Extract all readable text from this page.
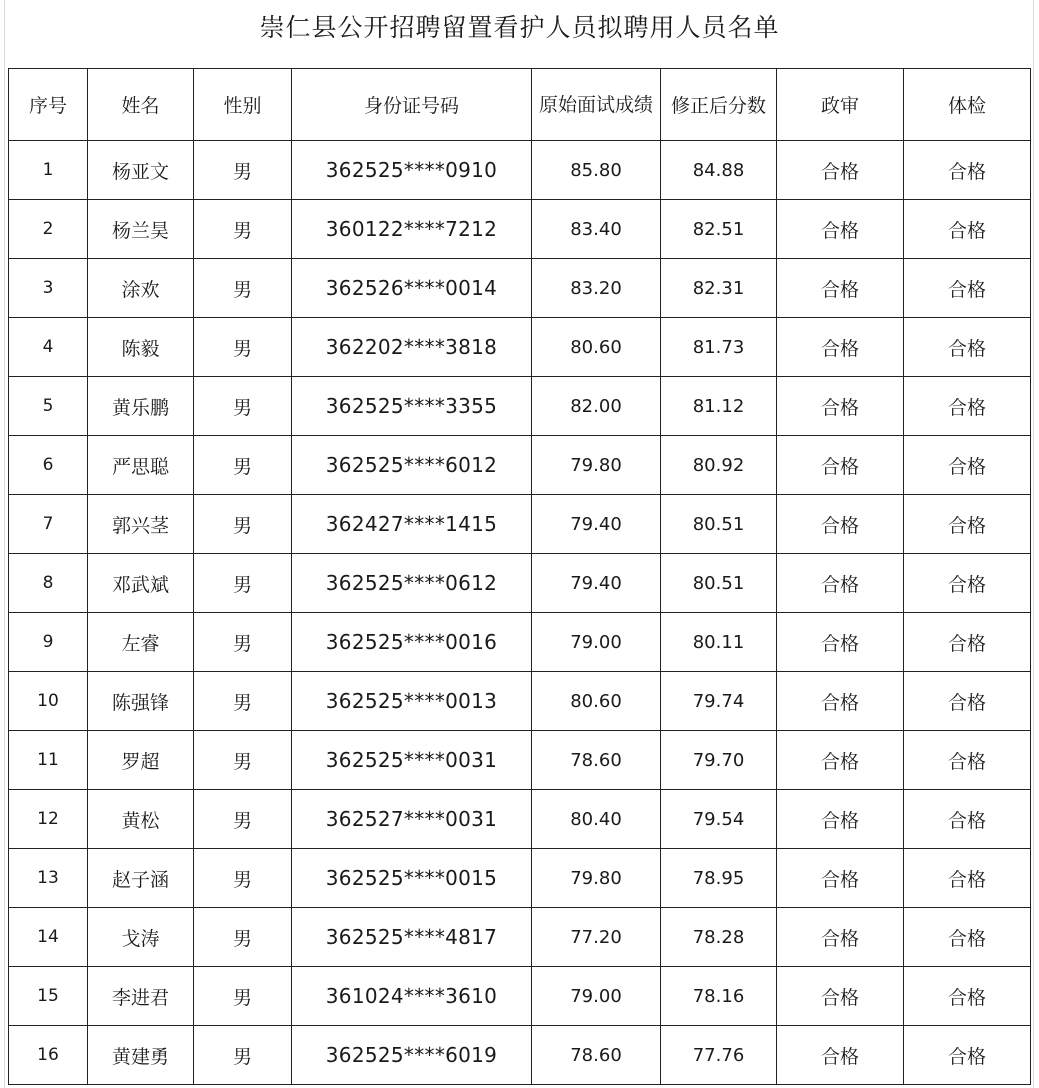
崇仁县公开招聘留置看护人员拟聘用人员名单
序号	姓名	性别	身份证号码	原始面试成绩	修正后分数	政审	体检
1	杨亚文	男	362525****0910	85.80	84.88	合格	合格
2	杨兰昊	男	360122****7212	83.40	82.51	合格	合格
3	涂欢	男	362526****0014	83.20	82.31	合格	合格
4	陈毅	男	362202****3818	80.60	81.73	合格	合格
5	黄乐鹏	男	362525****3355	82.00	81.12	合格	合格
6	严思聪	男	362525****6012	79.80	80.92	合格	合格
7	郭兴茎	男	362427****1415	79.40	80.51	合格	合格
8	邓武斌	男	362525****0612	79.40	80.51	合格	合格
9	左睿	男	362525****0016	79.00	80.11	合格	合格
10	陈强锋	男	362525****0013	80.60	79.74	合格	合格
11	罗超	男	362525****0031	78.60	79.70	合格	合格
12	黄松	男	362527****0031	80.40	79.54	合格	合格
13	赵子涵	男	362525****0015	79.80	78.95	合格	合格
14	戈涛	男	362525****4817	77.20	78.28	合格	合格
15	李进君	男	361024****3610	79.00	78.16	合格	合格
16	黄建勇	男	362525****6019	78.60	77.76	合格	合格
